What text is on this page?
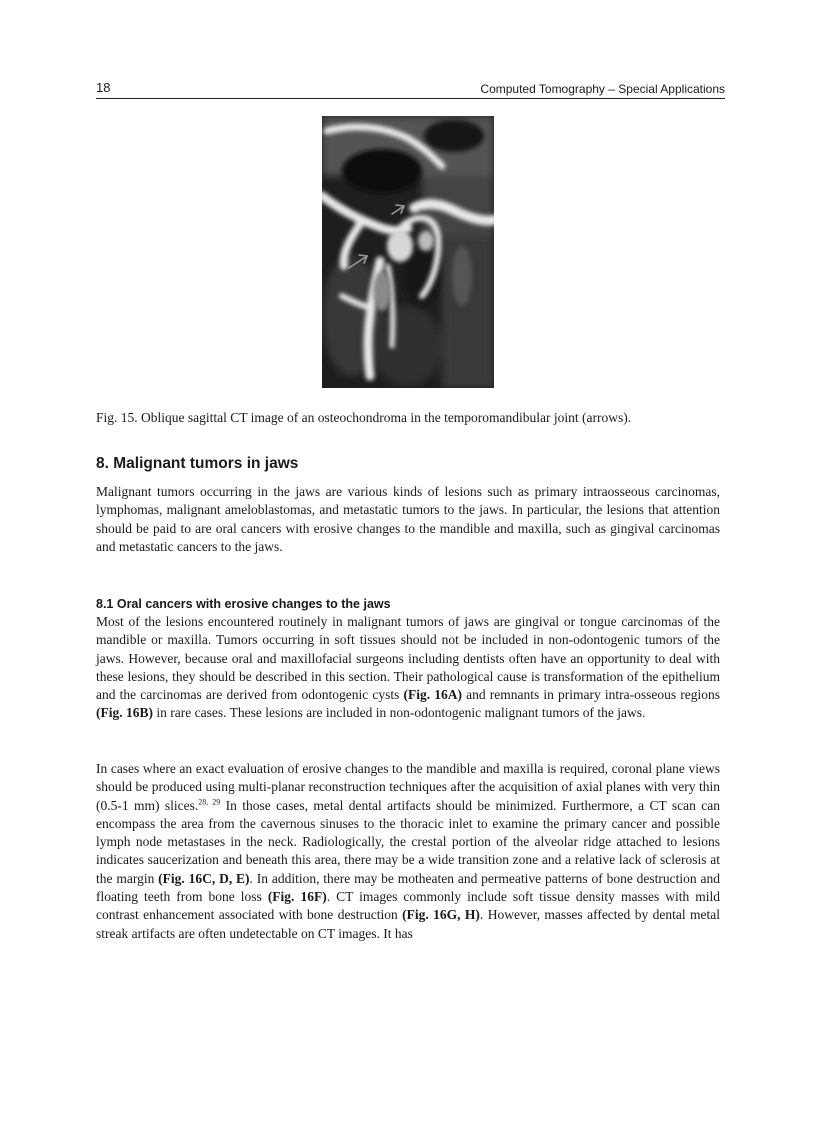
18	Computed Tomography – Special Applications

Fig. 15. Oblique sagittal CT image of an osteochondroma in the temporomandibular joint (arrows).

8. Malignant tumors in jaws

Malignant tumors occurring in the jaws are various kinds of lesions such as primary intraosseous carcinomas, lymphomas, malignant ameloblastomas, and metastatic tumors to the jaws. In particular, the lesions that attention should be paid to are oral cancers with erosive changes to the mandible and maxilla, such as gingival carcinomas and metastatic cancers to the jaws.

8.1 Oral cancers with erosive changes to the jaws

Most of the lesions encountered routinely in malignant tumors of jaws are gingival or tongue carcinomas of the mandible or maxilla. Tumors occurring in soft tissues should not be included in non-odontogenic tumors of the jaws. However, because oral and maxillofacial surgeons including dentists often have an opportunity to deal with these lesions, they should be described in this section. Their pathological cause is transformation of the epithelium and the carcinomas are derived from odontogenic cysts (Fig. 16A) and remnants in primary intra-osseous regions (Fig. 16B) in rare cases. These lesions are included in non-odontogenic malignant tumors of the jaws.

In cases where an exact evaluation of erosive changes to the mandible and maxilla is required, coronal plane views should be produced using multi-planar reconstruction techniques after the acquisition of axial planes with very thin (0.5-1 mm) slices.$^{28, 29}$ In those cases, metal dental artifacts should be minimized. Furthermore, a CT scan can encompass the area from the cavernous sinuses to the thoracic inlet to examine the primary cancer and possible lymph node metastases in the neck. Radiologically, the crestal portion of the alveolar ridge attached to lesions indicates saucerization and beneath this area, there may be a wide transition zone and a relative lack of sclerosis at the margin (Fig. 16C, D, E). In addition, there may be motheaten and permeative patterns of bone destruction and floating teeth from bone loss (Fig. 16F). CT images commonly include soft tissue density masses with mild contrast enhancement associated with bone destruction (Fig. 16G, H). However, masses affected by dental metal streak artifacts are often undetectable on CT images. It has
